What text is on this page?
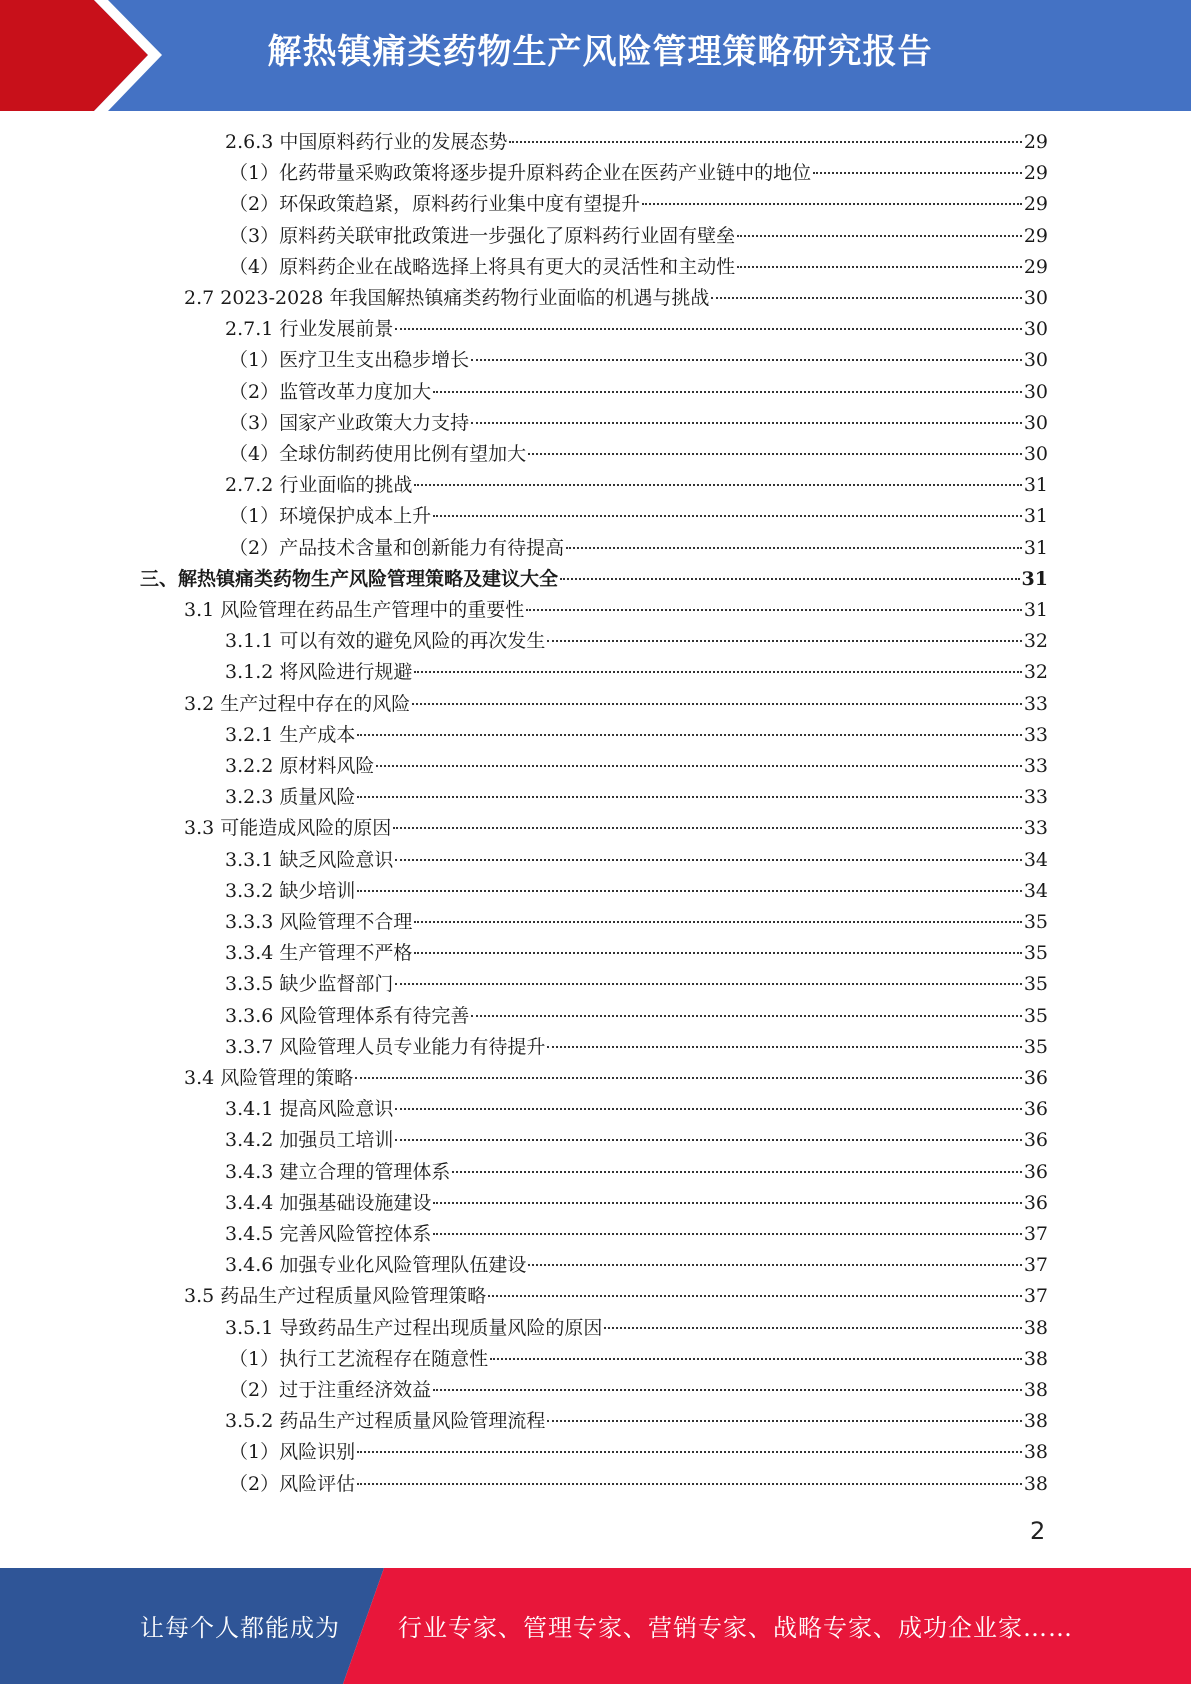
解热镇痛类药物生产风险管理策略研究报告
2.6.3 中国原料药行业的发展态势	29
（1）化药带量采购政策将逐步提升原料药企业在医药产业链中的地位	29
（2）环保政策趋紧，原料药行业集中度有望提升	29
（3）原料药关联审批政策进一步强化了原料药行业固有壁垒	29
（4）原料药企业在战略选择上将具有更大的灵活性和主动性	29
2.7 2023-2028 年我国解热镇痛类药物行业面临的机遇与挑战	30
2.7.1 行业发展前景	30
（1）医疗卫生支出稳步增长	30
（2）监管改革力度加大	30
（3）国家产业政策大力支持	30
（4）全球仿制药使用比例有望加大	30
2.7.2 行业面临的挑战	31
（1）环境保护成本上升	31
（2）产品技术含量和创新能力有待提高	31
三、解热镇痛类药物生产风险管理策略及建议大全	31
3.1 风险管理在药品生产管理中的重要性	31
3.1.1 可以有效的避免风险的再次发生	32
3.1.2 将风险进行规避	32
3.2 生产过程中存在的风险	33
3.2.1 生产成本	33
3.2.2 原材料风险	33
3.2.3 质量风险	33
3.3 可能造成风险的原因	33
3.3.1 缺乏风险意识	34
3.3.2 缺少培训	34
3.3.3 风险管理不合理	35
3.3.4 生产管理不严格	35
3.3.5 缺少监督部门	35
3.3.6 风险管理体系有待完善	35
3.3.7 风险管理人员专业能力有待提升	35
3.4 风险管理的策略	36
3.4.1 提高风险意识	36
3.4.2 加强员工培训	36
3.4.3 建立合理的管理体系	36
3.4.4 加强基础设施建设	36
3.4.5 完善风险管控体系	37
3.4.6 加强专业化风险管理队伍建设	37
3.5 药品生产过程质量风险管理策略	37
3.5.1 导致药品生产过程出现质量风险的原因	38
（1）执行工艺流程存在随意性	38
（2）过于注重经济效益	38
3.5.2 药品生产过程质量风险管理流程	38
（1）风险识别	38
（2）风险评估	38
2
让每个人都能成为 行业专家、管理专家、营销专家、战略专家、成功企业家……
